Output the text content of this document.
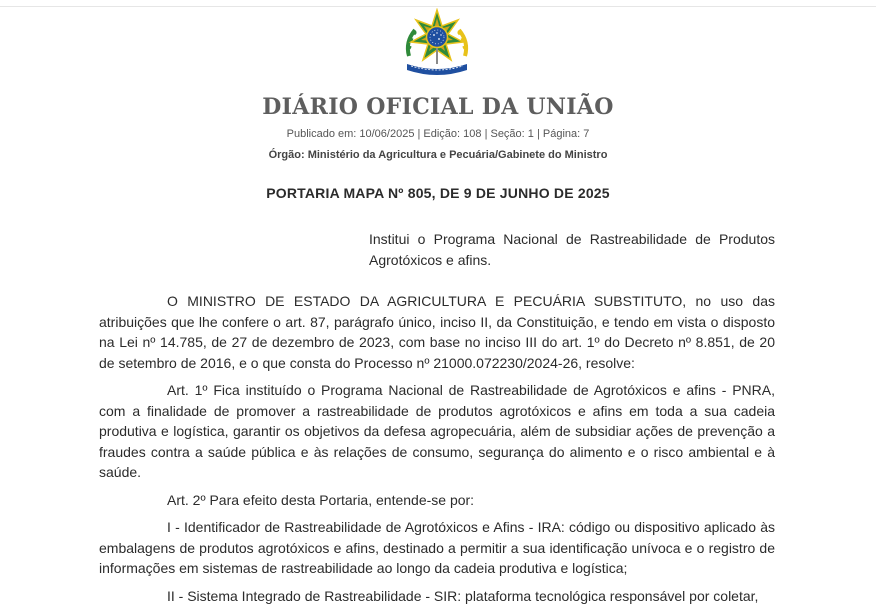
DIÁRIO OFICIAL DA UNIÃO
Publicado em: 10/06/2025 | Edição: 108 | Seção: 1 | Página: 7
Órgão: Ministério da Agricultura e Pecuária/Gabinete do Ministro
PORTARIA MAPA Nº 805, DE 9 DE JUNHO DE 2025
Institui o Programa Nacional de Rastreabilidade de Produtos Agrotóxicos e afins.

O MINISTRO DE ESTADO DA AGRICULTURA E PECUÁRIA SUBSTITUTO, no uso das atribuições que lhe confere o art. 87, parágrafo único, inciso II, da Constituição, e tendo em vista o disposto na Lei nº 14.785, de 27 de dezembro de 2023, com base no inciso III do art. 1º do Decreto nº 8.851, de 20 de setembro de 2016, e o que consta do Processo nº 21000.072230/2024-26, resolve:

Art. 1º Fica instituído o Programa Nacional de Rastreabilidade de Agrotóxicos e afins - PNRA, com a finalidade de promover a rastreabilidade de produtos agrotóxicos e afins em toda a sua cadeia produtiva e logística, garantir os objetivos da defesa agropecuária, além de subsidiar ações de prevenção a fraudes contra a saúde pública e às relações de consumo, segurança do alimento e o risco ambiental e à saúde.

Art. 2º Para efeito desta Portaria, entende-se por:

I - Identificador de Rastreabilidade de Agrotóxicos e Afins - IRA: código ou dispositivo aplicado às embalagens de produtos agrotóxicos e afins, destinado a permitir a sua identificação unívoca e o registro de informações em sistemas de rastreabilidade ao longo da cadeia produtiva e logística;

II - Sistema Integrado de Rastreabilidade - SIR: plataforma tecnológica responsável por coletar,
